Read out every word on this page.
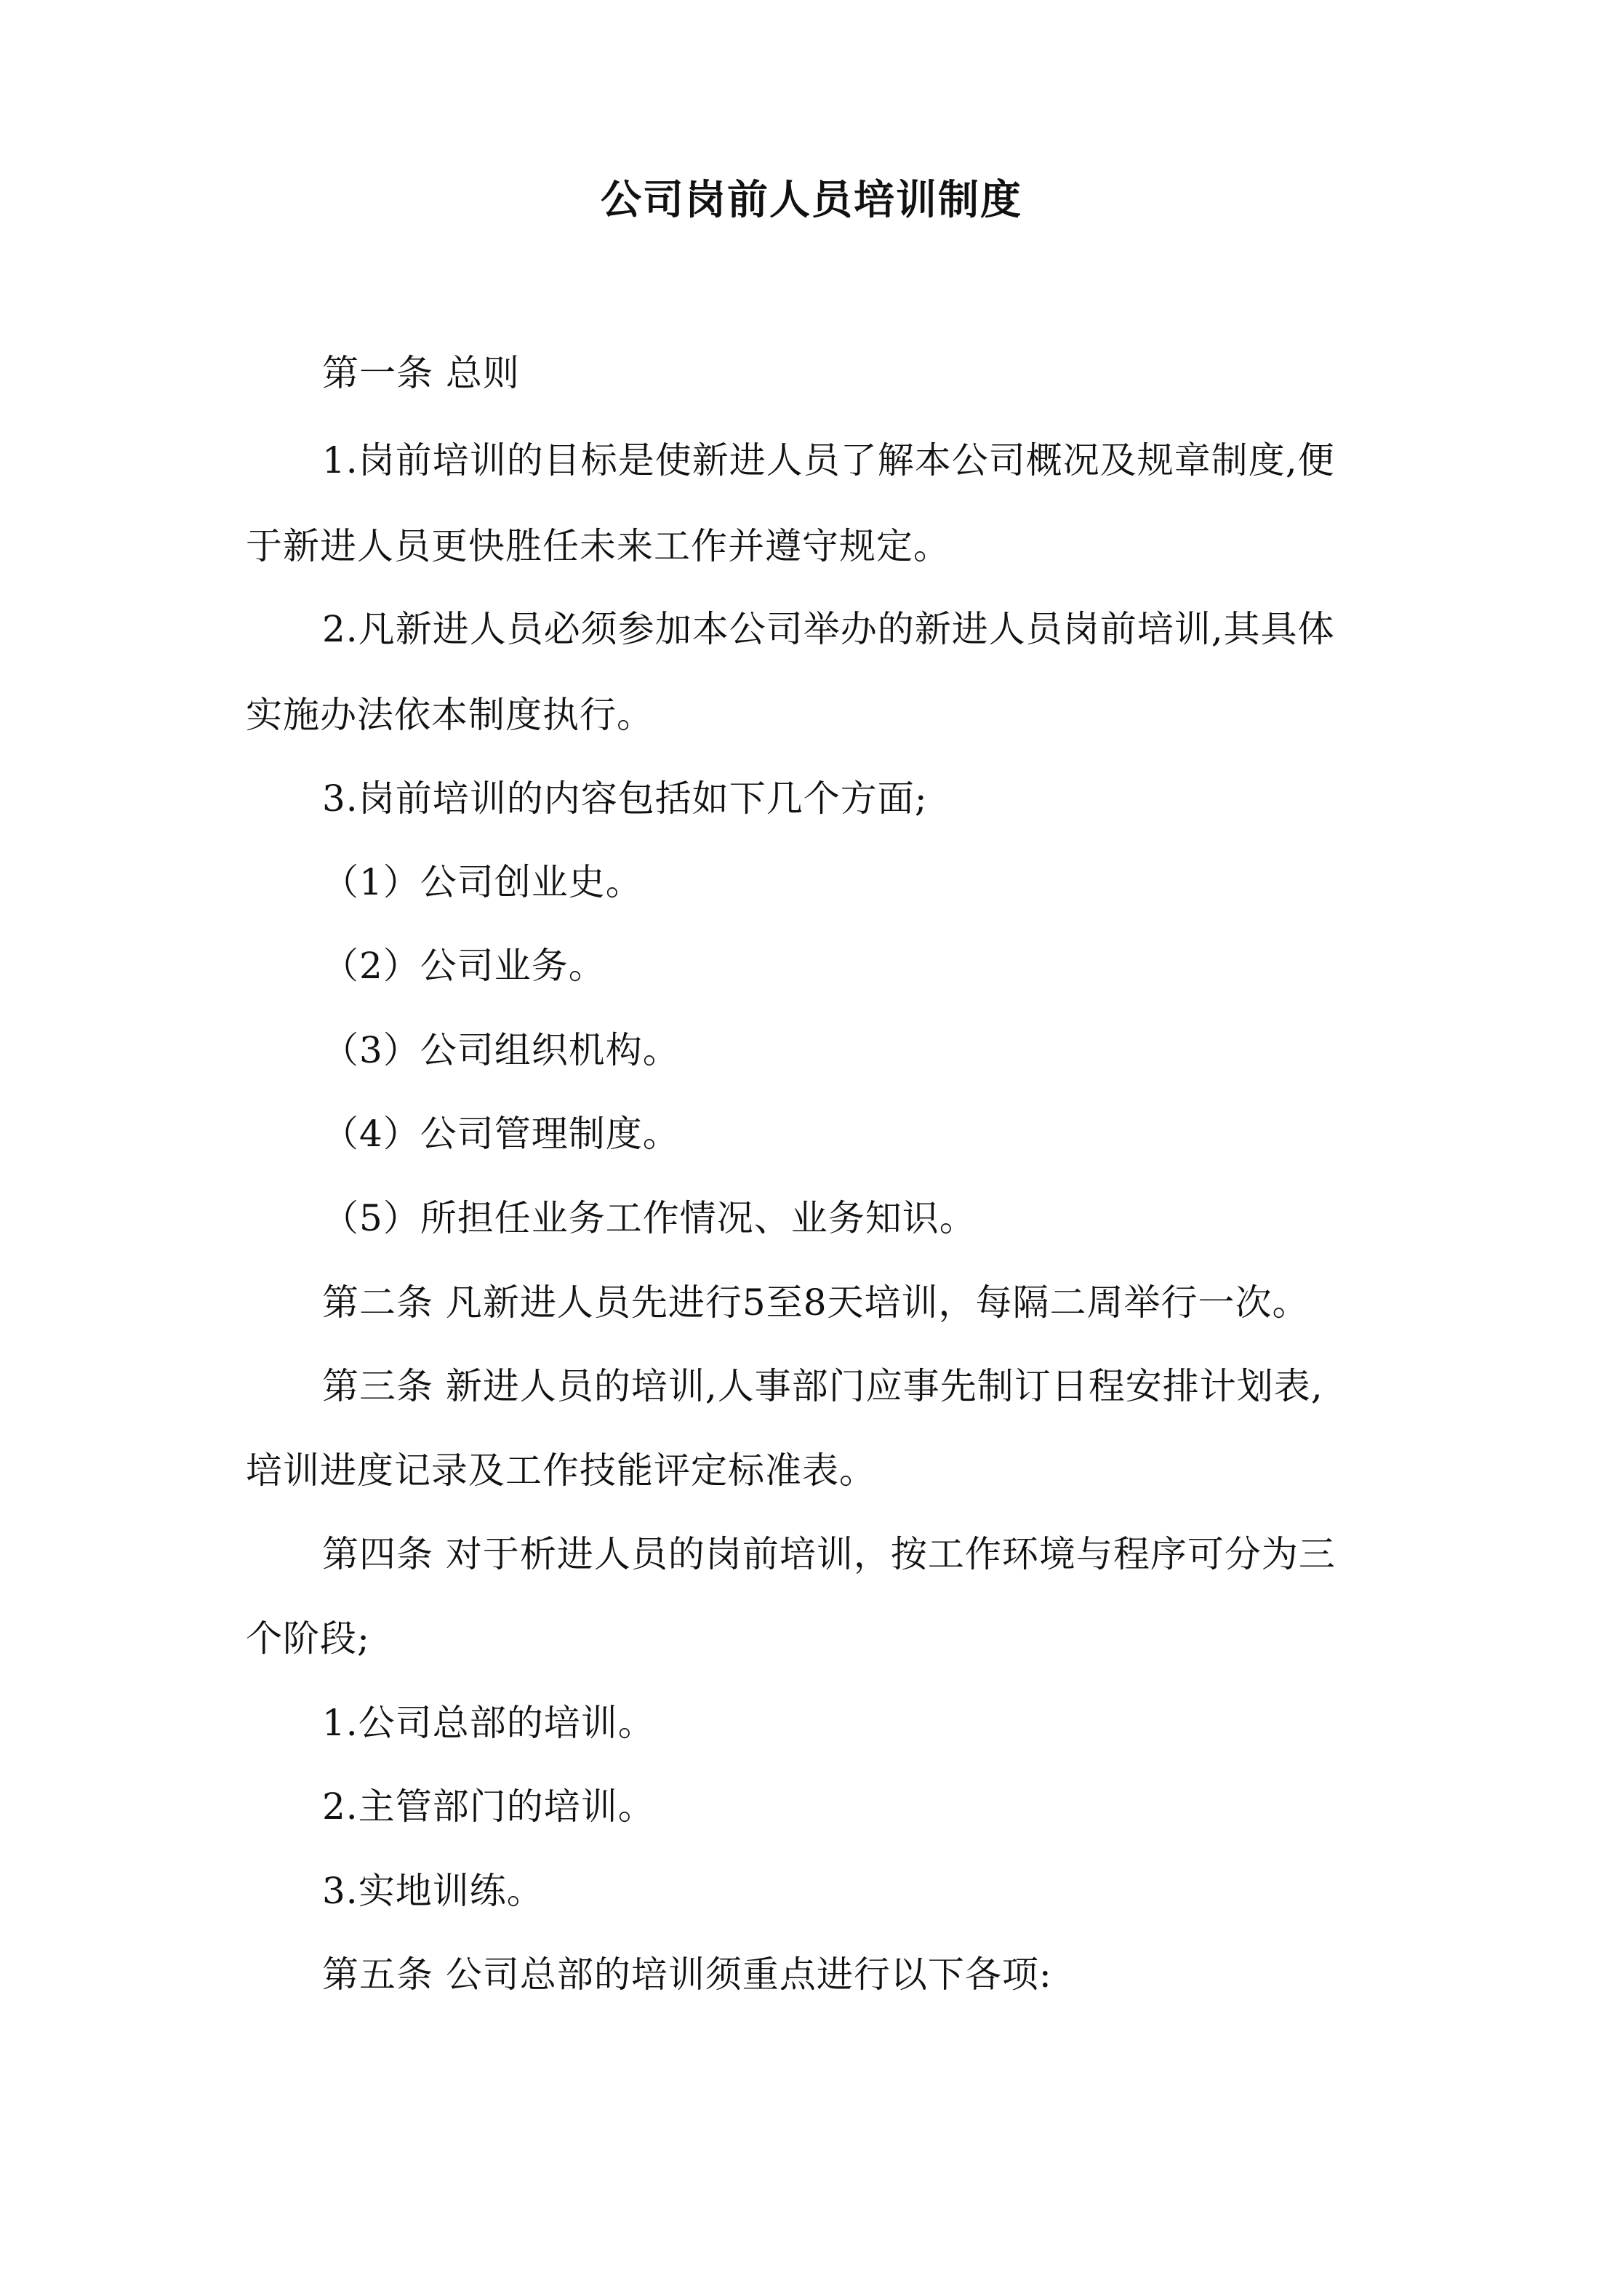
公司岗前人员培训制度
第一条 总则
1.岗前培训的目标是使新进人员了解本公司概况及规章制度,便
于新进人员更快胜任未来工作并遵守规定。
2.凡新进人员必须参加本公司举办的新进人员岗前培训,其具体
实施办法依本制度执行。
3.岗前培训的内容包括如下几个方面;
（1）公司创业史。
（2）公司业务。
（3）公司组织机构。
（4）公司管理制度。
（5）所担任业务工作情况、业务知识。
第二条 凡新进人员先进行5至8天培训，每隔二周举行一次。
第三条 新进人员的培训,人事部门应事先制订日程安排计划表,
培训进度记录及工作技能评定标准表。
第四条 对于析进人员的岗前培训，按工作环境与程序可分为三
个阶段;
1.公司总部的培训。
2.主管部门的培训。
3.实地训练。
第五条 公司总部的培训须重点进行以下各项:
